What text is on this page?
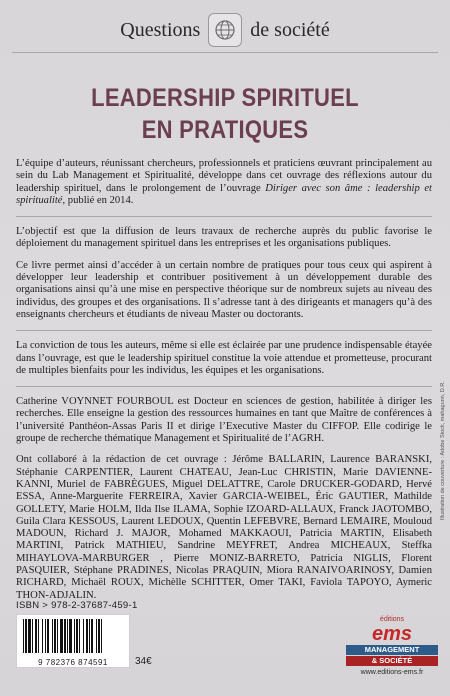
Questions	de société
LEADERSHIP SPIRITUEL
EN PRATIQUES

L’équipe d’auteurs, réunissant chercheurs, professionnels et praticiens œuvrant principalement au sein du Lab Management et Spiritualité, développe dans cet ouvrage des réflexions autour du leadership spirituel, dans le prolongement de l’ouvrage Diriger avec son âme : leadership et spiritualité, publié en 2014.

L’objectif est que la diffusion de leurs travaux de recherche auprès du public favorise le déploiement du management spirituel dans les entreprises et les organisations publiques.

Ce livre permet ainsi d’accéder à un certain nombre de pratiques pour tous ceux qui aspirent à développer leur leadership et contribuer positivement à un développement durable des organisations ainsi qu’à une mise en perspective théorique sur de nombreux sujets au niveau des individus, des groupes et des organisations. Il s’adresse tant à des dirigeants et managers qu’à des enseignants chercheurs et étudiants de niveau Master ou doctorants.

La conviction de tous les auteurs, même si elle est éclairée par une prudence indispensable étayée dans l’ouvrage, est que le leadership spirituel constitue la voie attendue et prometteuse, procurant de multiples bienfaits pour les individus, les équipes et les organisations.

Catherine VOYNNET FOURBOUL est Docteur en sciences de gestion, habilitée à diriger les recherches. Elle enseigne la gestion des ressources humaines en tant que Maître de conférences à l’université Panthéon-Assas Paris II et dirige l’Executive Master du CIFFOP. Elle codirige le groupe de recherche thématique Management et Spiritualité de l’AGRH.

Ont collaboré à la rédaction de cet ouvrage : Jérôme BALLARIN, Laurence BARANSKI, Stéphanie CARPENTIER, Laurent CHATEAU, Jean-Luc CHRISTIN, Marie DAVIENNE-KANNI, Muriel de FABRÈGUES, Miguel DELATTRE, Carole DRUCKER-GODARD, Hervé ESSA, Anne-Marguerite FERREIRA, Xavier GARCIA-WEIBEL, Éric GAUTIER, Mathilde GOLLETY, Marie HOLM, Ilda Ilse ILAMA, Sophie IZOARD-ALLAUX, Franck JAOTOMBO, Guila Clara KESSOUS, Laurent LEDOUX, Quentin LEFEBVRE, Bernard LEMAIRE, Mouloud MADOUN, Richard J. MAJOR, Mohamed MAKKAOUI, Patricia MARTIN, Elisabeth MARTINI, Patrick MATHIEU, Sandrine MEYFRET, Andrea MICHEAUX, Steffka MIHAYLOVA-MARBURGER , Pierre MONIZ-BARRETO, Patricia NIGLIS, Florent PASQUIER, Stéphane PRADINES, Nicolas PRAQUIN, Miora RANAIVOARINOSY, Damien RICHARD, Michaël ROUX, Michèlle SCHITTER, Omer TAKI, Faviola TAPOYO, Aymeric THON-ADJALIN.

ISBN > 978-2-37687-459-1
9 782376 874591	34€
éditions
ems
MANAGEMENT
& SOCIÉTÉ
www.editions-ems.fr
Illustration de couverture : Adobe Stock, mahagunn, D.R.
